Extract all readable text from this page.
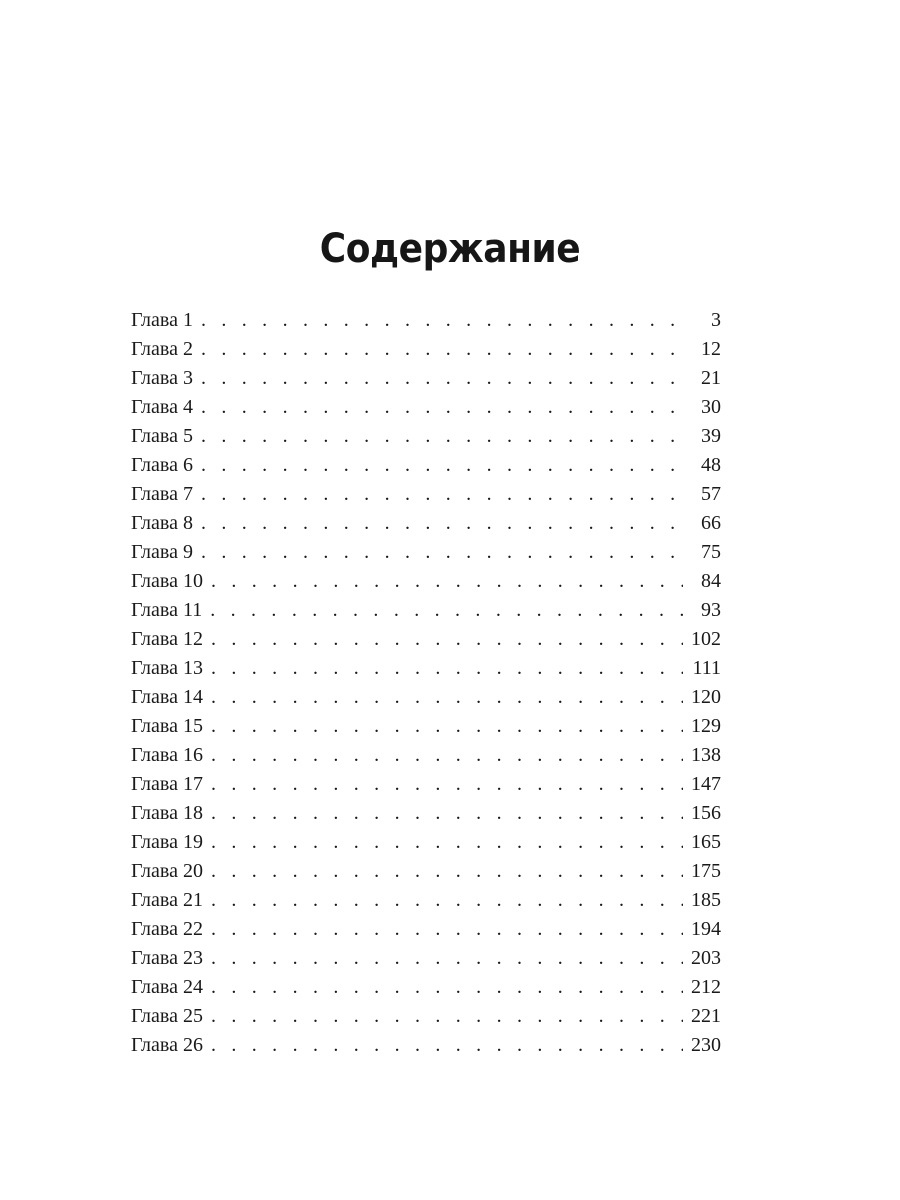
Содержание
Глава 1 . . .	3
Глава 2 . . .	12
Глава 3 . . .	21
Глава 4 . . .	30
Глава 5 . . .	39
Глава 6 . . .	48
Глава 7 . . .	57
Глава 8 . . .	66
Глава 9 . . .	75
Глава 10 . . .	84
Глава 11 . . .	93
Глава 12 . . .	102
Глава 13 . . .	111
Глава 14 . . .	120
Глава 15 . . .	129
Глава 16 . . .	138
Глава 17 . . .	147
Глава 18 . . .	156
Глава 19 . . .	165
Глава 20 . . .	175
Глава 21 . . .	185
Глава 22 . . .	194
Глава 23 . . .	203
Глава 24 . . .	212
Глава 25 . . .	221
Глава 26 . . .	230
